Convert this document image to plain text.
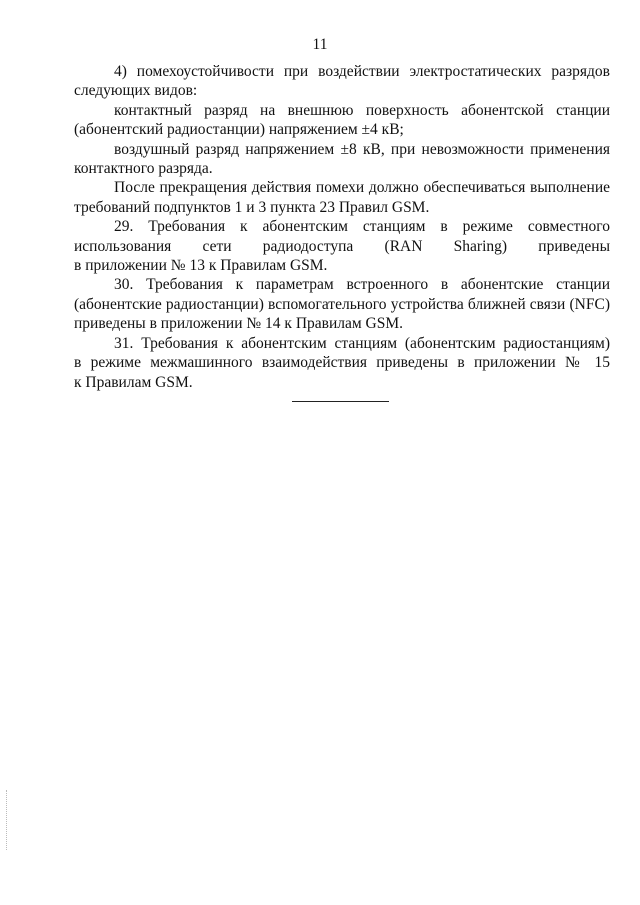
11
4) помехоустойчивости при воздействии электростатических разрядов
следующих видов:
контактный разряд на внешнюю поверхность абонентской станции
(абонентский радиостанции) напряжением ±4 кВ;
воздушный разряд напряжением ±8 кВ, при невозможности применения
контактного разряда.
После прекращения действия помехи должно обеспечиваться выполнение
требований подпунктов 1 и 3 пункта 23 Правил GSM.
29. Требования к абонентским станциям в режиме совместного
использования сети радиодоступа (RAN Sharing) приведены
в приложении № 13 к Правилам GSM.
30. Требования к параметрам встроенного в абонентские станции
(абонентские радиостанции) вспомогательного устройства ближней связи (NFC)
приведены в приложении № 14 к Правилам GSM.
31. Требования к абонентским станциям (абонентским радиостанциям)
в режиме межмашинного взаимодействия приведены в приложении № 15
к Правилам GSM.
